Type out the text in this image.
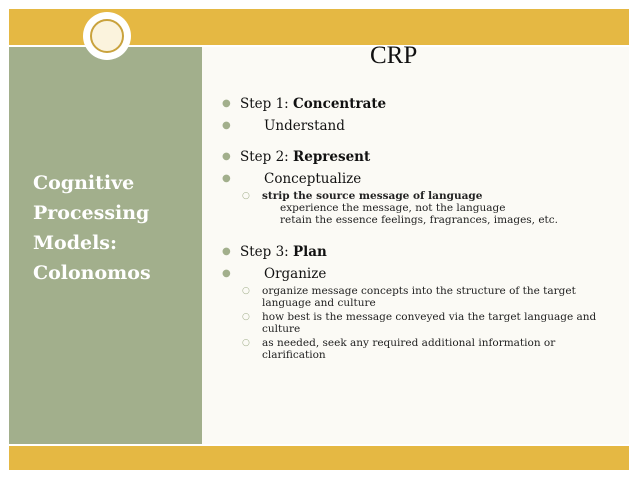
Cognitive
Processing
Models:
Colonomos
CRP
● Step 1: Concentrate
●	Understand
● Step 2: Represent
●	Conceptualize
○ strip the source message of language
experience the message, not the language
retain the essence feelings, fragrances, images, etc.
● Step 3: Plan
●	Organize
○ organize message concepts into the structure of the target language and culture
○ how best is the message conveyed via the target language and culture
○ as needed, seek any required additional information or clarification
